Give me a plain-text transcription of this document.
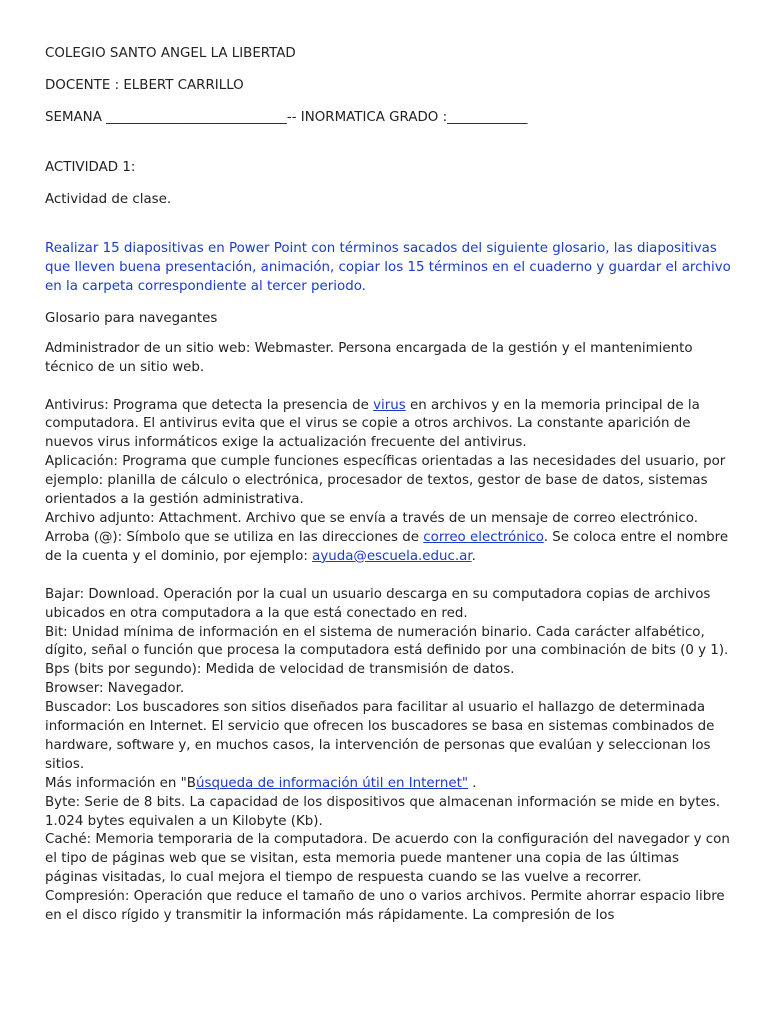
COLEGIO SANTO ANGEL LA LIBERTAD

DOCENTE : ELBERT CARRILLO

SEMANA ___________________________-- INORMATICA GRADO :____________

ACTIVIDAD 1:

Actividad de clase.

Realizar 15 diapositivas en Power Point con términos sacados del siguiente glosario, las diapositivas que lleven buena presentación, animación, copiar los 15 términos en el cuaderno y guardar el archivo en la carpeta correspondiente al tercer periodo.

Glosario para navegantes

Administrador de un sitio web: Webmaster. Persona encargada de la gestión y el mantenimiento técnico de un sitio web.

Antivirus: Programa que detecta la presencia de virus en archivos y en la memoria principal de la computadora. El antivirus evita que el virus se copie a otros archivos. La constante aparición de nuevos virus informáticos exige la actualización frecuente del antivirus.

Aplicación: Programa que cumple funciones específicas orientadas a las necesidades del usuario, por ejemplo: planilla de cálculo o electrónica, procesador de textos, gestor de base de datos, sistemas orientados a la gestión administrativa.

Archivo adjunto: Attachment. Archivo que se envía a través de un mensaje de correo electrónico.

Arroba (@): Símbolo que se utiliza en las direcciones de correo electrónico. Se coloca entre el nombre de la cuenta y el dominio, por ejemplo: ayuda@escuela.educ.ar.

Bajar: Download. Operación por la cual un usuario descarga en su computadora copias de archivos ubicados en otra computadora a la que está conectado en red.

Bit: Unidad mínima de información en el sistema de numeración binario. Cada carácter alfabético, dígito, señal o función que procesa la computadora está definido por una combinación de bits (0 y 1).

Bps (bits por segundo): Medida de velocidad de transmisión de datos.

Browser: Navegador.

Buscador: Los buscadores son sitios diseñados para facilitar al usuario el hallazgo de determinada información en Internet. El servicio que ofrecen los buscadores se basa en sistemas combinados de hardware, software y, en muchos casos, la intervención de personas que evalúan y seleccionan los sitios.

Más información en "Búsqueda de información útil en Internet" .

Byte: Serie de 8 bits. La capacidad de los dispositivos que almacenan información se mide en bytes. 1.024 bytes equivalen a un Kilobyte (Kb).

Caché: Memoria temporaria de la computadora. De acuerdo con la configuración del navegador y con el tipo de páginas web que se visitan, esta memoria puede mantener una copia de las últimas páginas visitadas, lo cual mejora el tiempo de respuesta cuando se las vuelve a recorrer.

Compresión: Operación que reduce el tamaño de uno o varios archivos. Permite ahorrar espacio libre en el disco rígido y transmitir la información más rápidamente. La compresión de los
